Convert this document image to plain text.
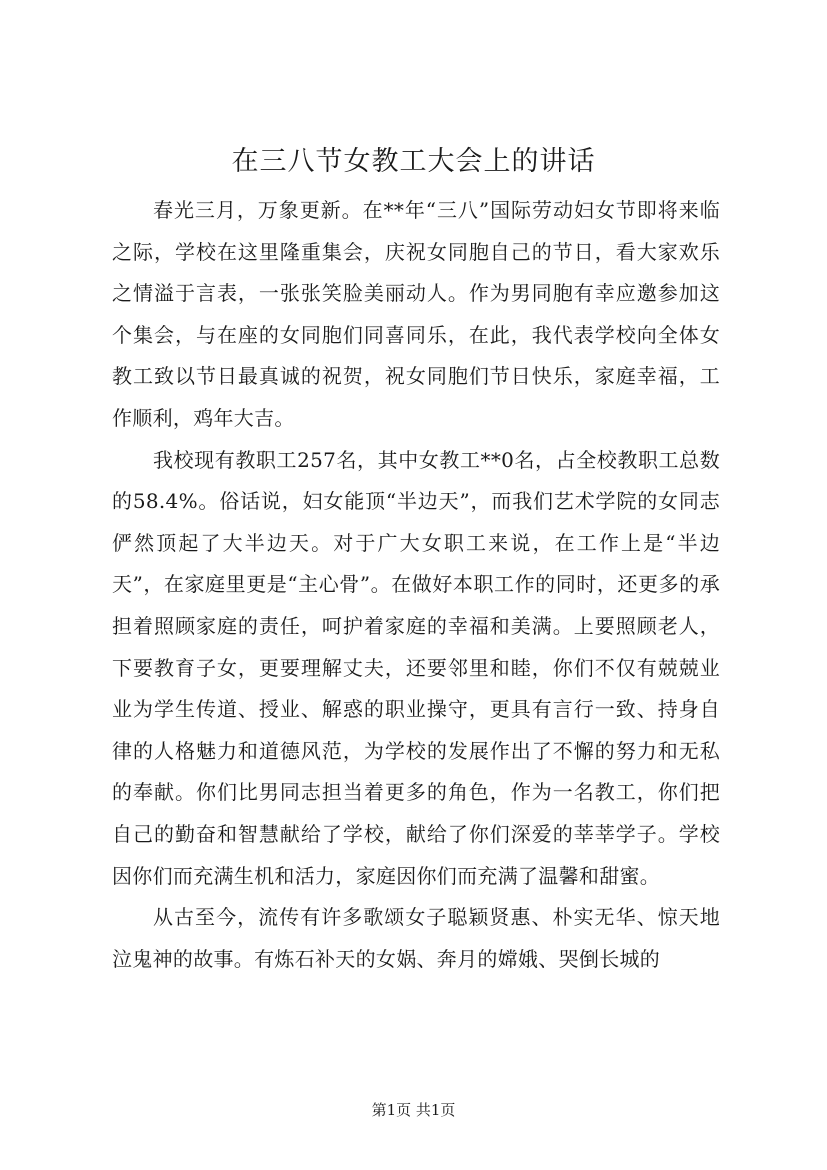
在三八节女教工大会上的讲话

春光三月，万象更新。在**年“三八”国际劳动妇女节即将来临之际，学校在这里隆重集会，庆祝女同胞自己的节日，看大家欢乐之情溢于言表，一张张笑脸美丽动人。作为男同胞有幸应邀参加这个集会，与在座的女同胞们同喜同乐，在此，我代表学校向全体女教工致以节日最真诚的祝贺，祝女同胞们节日快乐，家庭幸福，工作顺利，鸡年大吉。

我校现有教职工257名，其中女教工**0名，占全校教职工总数的58.4%。俗话说，妇女能顶“半边天”，而我们艺术学院的女同志俨然顶起了大半边天。对于广大女职工来说，在工作上是“半边天”，在家庭里更是“主心骨”。在做好本职工作的同时，还更多的承担着照顾家庭的责任，呵护着家庭的幸福和美满。上要照顾老人，下要教育子女，更要理解丈夫，还要邻里和睦，你们不仅有兢兢业业为学生传道、授业、解惑的职业操守，更具有言行一致、持身自律的人格魅力和道德风范，为学校的发展作出了不懈的努力和无私的奉献。你们比男同志担当着更多的角色，作为一名教工，你们把自己的勤奋和智慧献给了学校，献给了你们深爱的莘莘学子。学校因你们而充满生机和活力，家庭因你们而充满了温馨和甜蜜。

从古至今，流传有许多歌颂女子聪颖贤惠、朴实无华、惊天地泣鬼神的故事。有炼石补天的女娲、奔月的嫦娥、哭倒长城的

第1页 共1页
